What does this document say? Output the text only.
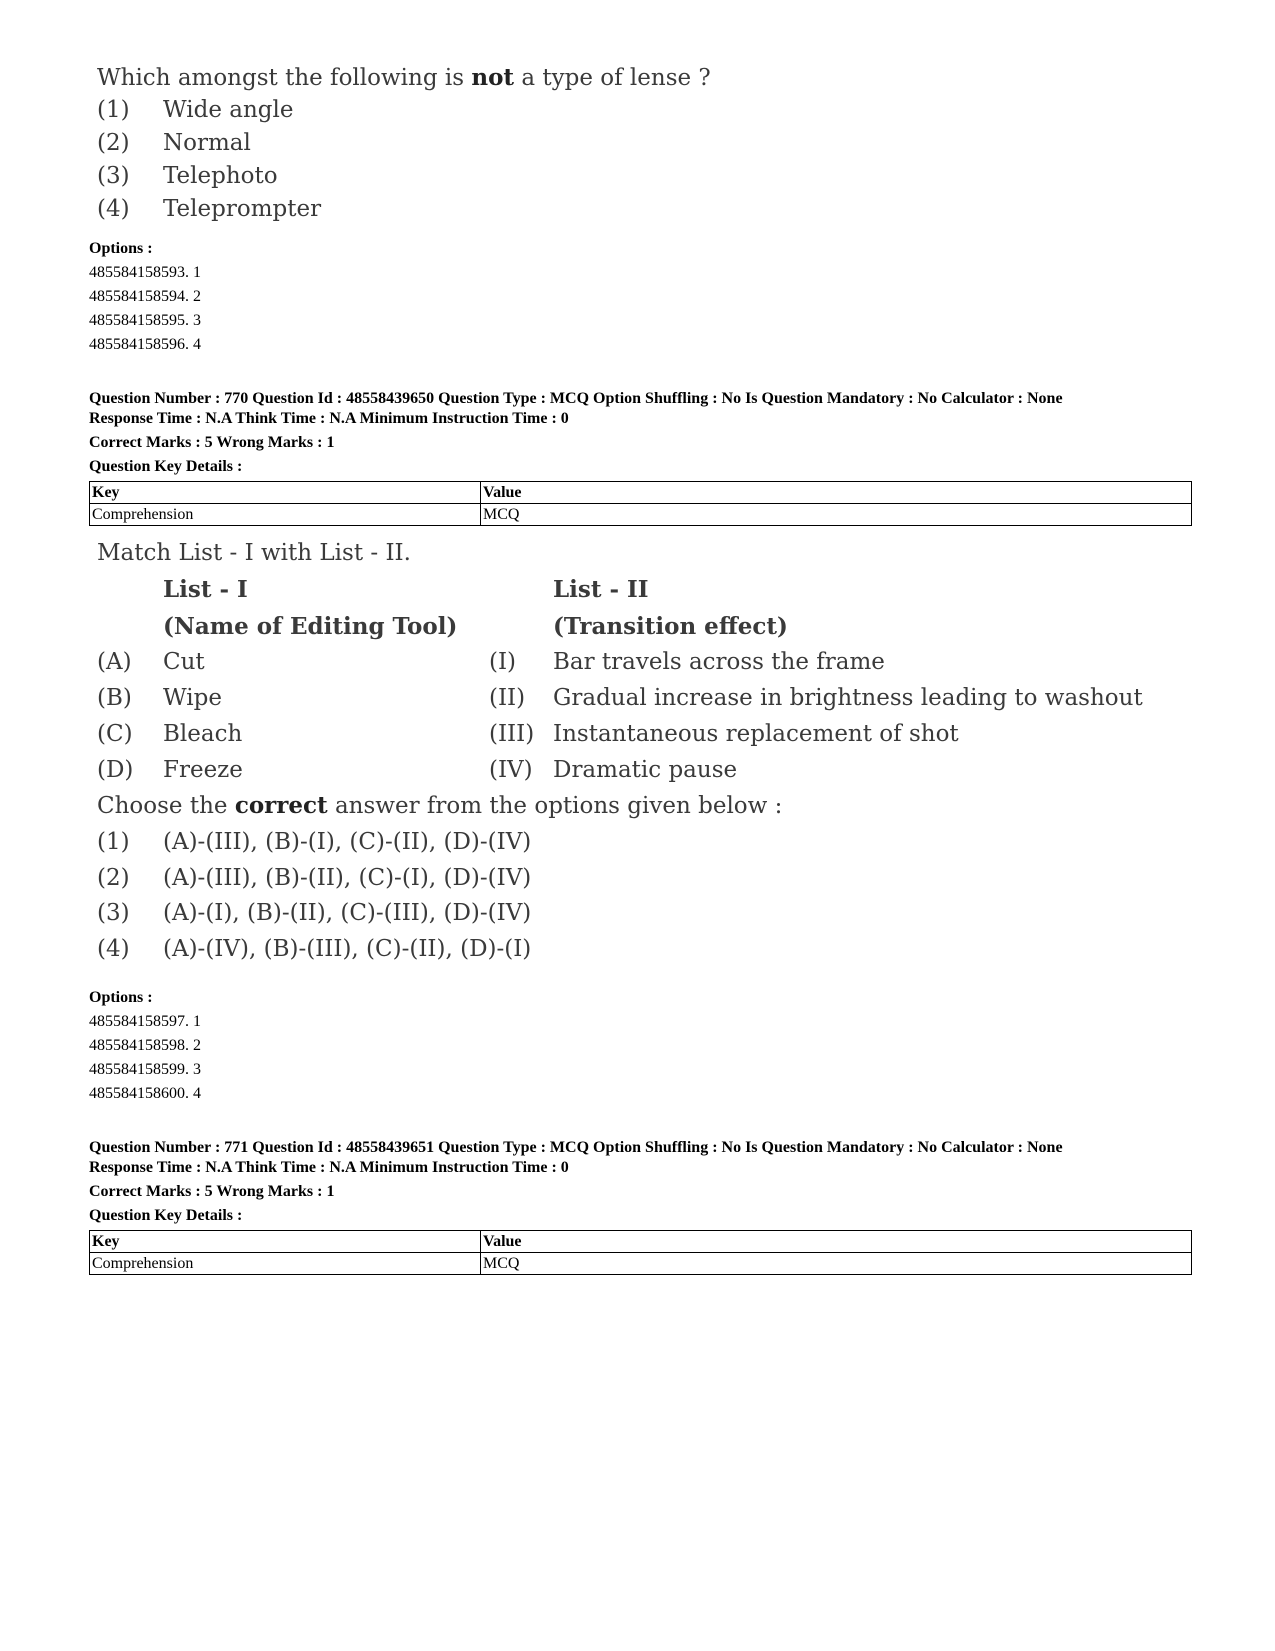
Which amongst the following is not a type of lense ?
(1) Wide angle
(2) Normal
(3) Telephoto
(4) Teleprompter
Options :
485584158593. 1
485584158594. 2
485584158595. 3
485584158596. 4
Question Number : 770 Question Id : 48558439650 Question Type : MCQ Option Shuffling : No Is Question Mandatory : No Calculator : None
Response Time : N.A Think Time : N.A Minimum Instruction Time : 0
Correct Marks : 5 Wrong Marks : 1
Question Key Details :
Key	Value
Comprehension	MCQ
Match List - I with List - II.
List - I	List - II
(Name of Editing Tool)	(Transition effect)
(A) Cut	(I) Bar travels across the frame
(B) Wipe	(II) Gradual increase in brightness leading to washout
(C) Bleach	(III) Instantaneous replacement of shot
(D) Freeze	(IV) Dramatic pause
Choose the correct answer from the options given below :
(1) (A)-(III), (B)-(I), (C)-(II), (D)-(IV)
(2) (A)-(III), (B)-(II), (C)-(I), (D)-(IV)
(3) (A)-(I), (B)-(II), (C)-(III), (D)-(IV)
(4) (A)-(IV), (B)-(III), (C)-(II), (D)-(I)
Options :
485584158597. 1
485584158598. 2
485584158599. 3
485584158600. 4
Question Number : 771 Question Id : 48558439651 Question Type : MCQ Option Shuffling : No Is Question Mandatory : No Calculator : None
Response Time : N.A Think Time : N.A Minimum Instruction Time : 0
Correct Marks : 5 Wrong Marks : 1
Question Key Details :
Key	Value
Comprehension	MCQ
